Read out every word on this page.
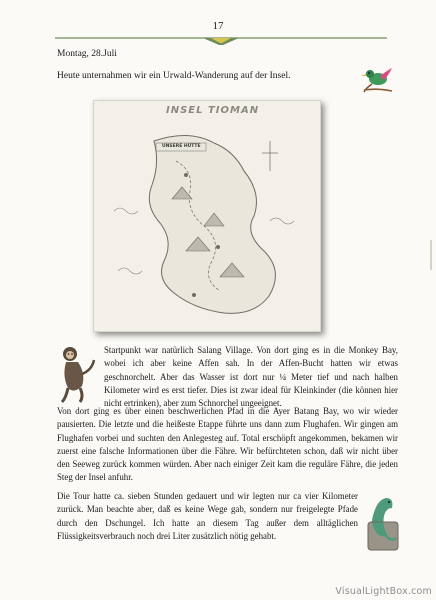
17
Montag, 28.Juli
Heute unternahmen wir ein Urwald-Wanderung auf der Insel.
INSEL TIOMAN
UNSERE HÜTTE
Startpunkt war natürlich Salang Village. Von dort ging es in die Monkey Bay, wobei ich aber keine Affen sah. In der Affen-Bucht hatten wir etwas geschnorchelt. Aber das Wasser ist dort nur ¼ Meter tief und nach halben Kilometer wird es erst tiefer. Dies ist zwar ideal für Kleinkinder (die können hier nicht ertrinken), aber zum Schnorchel ungeeignet.
Von dort ging es über einen beschwerlichen Pfad in die Ayer Batang Bay, wo wir wieder pausierten. Die letzte und die heißeste Etappe führte uns dann zum Flughafen. Wir gingen am Flughafen vorbei und suchten den Anlegesteg auf. Total erschöpft angekommen, bekamen wir zuerst eine falsche Informationen über die Fähre. Wir befürchteten schon, daß wir nicht über den Seeweg zurück kommen würden. Aber nach einiger Zeit kam die reguläre Fähre, die jeden Steg der Insel anfuhr.
Die Tour hatte ca. sieben Stunden gedauert und wir legten nur ca vier Kilometer zurück. Man beachte aber, daß es keine Wege gab, sondern nur freigelegte Pfade durch den Dschungel. Ich hatte an diesem Tag außer dem alltäglichen Flüssigkeitsverbrauch noch drei Liter zusätzlich nötig gehabt.
VisualLightBox.com
